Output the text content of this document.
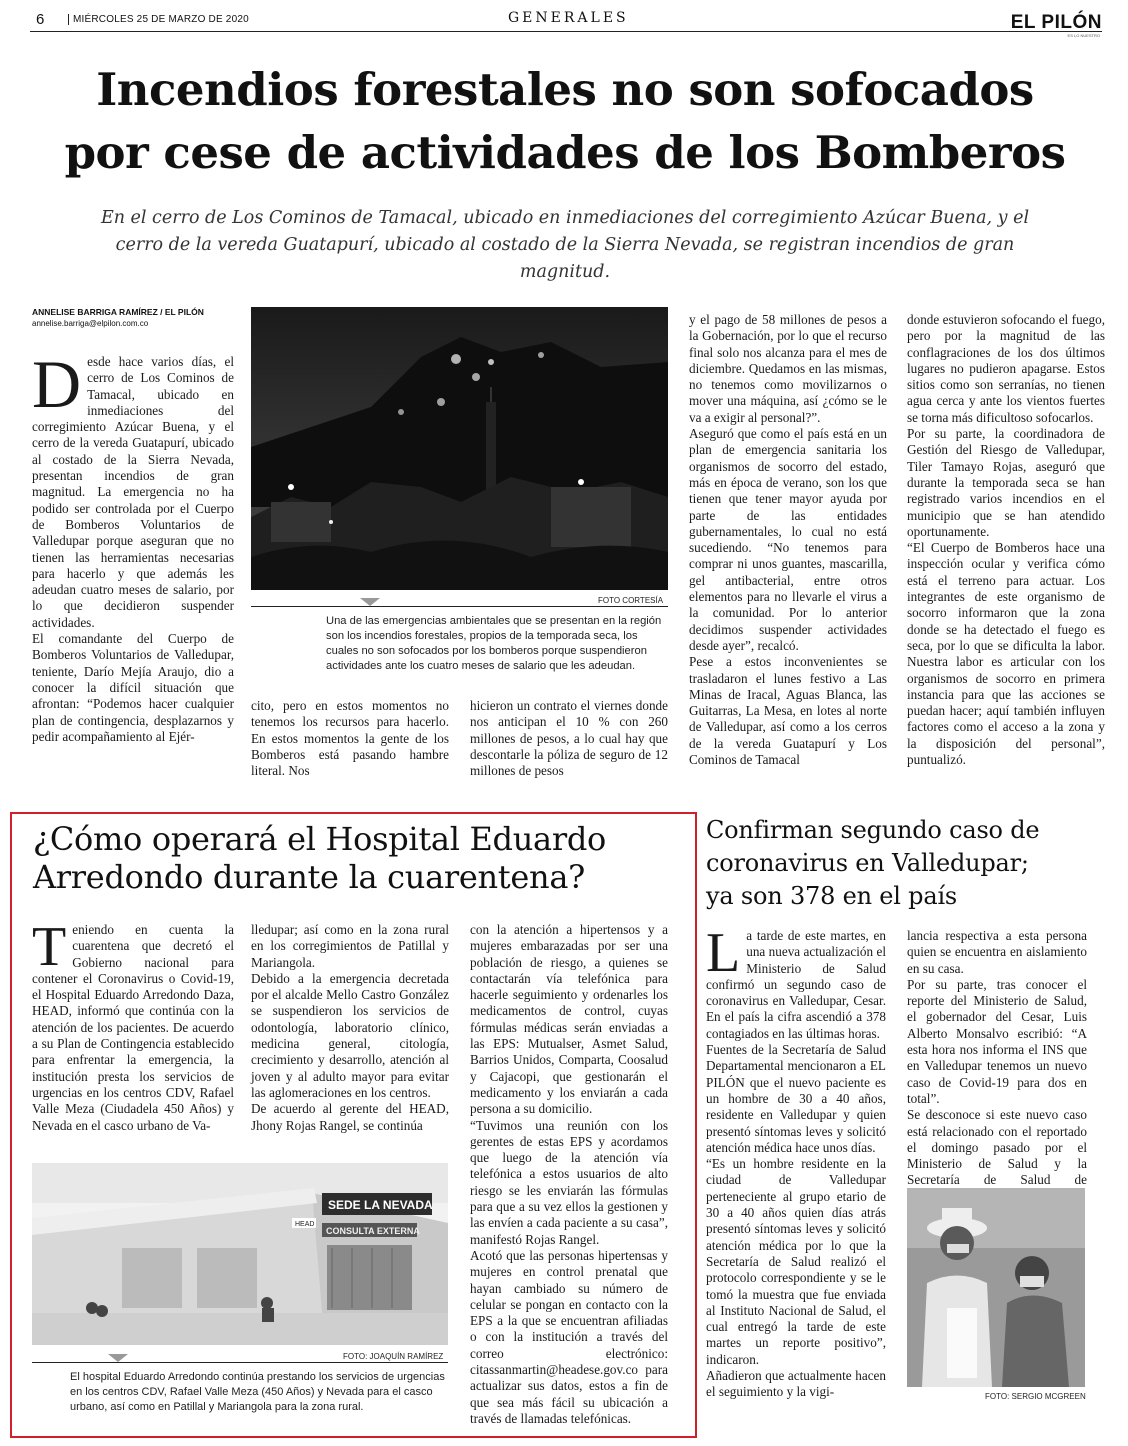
6	MIÉRCOLES 25 DE MARZO DE 2020	GENERALES	EL PILÓN
ES LO NUESTRO
Incendios forestales no son sofocados
por cese de actividades de los Bomberos
En el cerro de Los Cominos de Tamacal, ubicado en inmediaciones del corregimiento Azúcar Buena, y el cerro de la vereda Guatapurí, ubicado al costado de la Sierra Nevada, se registran incendios de gran magnitud.
ANNELISE BARRIGA RAMÍREZ / EL PILÓN
annelise.barriga@elpilon.com.co
D esde hace varios días, el cerro de Los Cominos de Tamacal, ubicado en inmediaciones del corregimiento Azúcar Buena, y el cerro de la vereda Guatapurí, ubicado al costado de la Sierra Nevada, presentan incendios de gran magnitud. La emergencia no ha podido ser controlada por el Cuerpo de Bomberos Voluntarios de Valledupar porque aseguran que no tienen las herramientas necesarias para hacerlo y que además les adeudan cuatro meses de salario, por lo que decidieron suspender actividades.

El comandante del Cuerpo de Bomberos Voluntarios de Valledupar, teniente, Darío Mejía Araujo, dio a conocer la difícil situación que afrontan: “Podemos hacer cualquier plan de contingencia, desplazarnos y pedir acompañamiento al Ejér-

FOTO CORTESÍA
Una de las emergencias ambientales que se presentan en la región son los incendios forestales, propios de la temporada seca, los cuales no son sofocados por los bomberos porque suspendieron actividades ante los cuatro meses de salario que les adeudan.

cito, pero en estos momentos no tenemos los recursos para hacerlo. En estos momentos la gente de los Bomberos está pasando hambre literal. Nos

hicieron un contrato el viernes donde nos anticipan el 10 % con 260 millones de pesos, a lo cual hay que descontarle la póliza de seguro de 12 millones de pesos

y el pago de 58 millones de pesos a la Gobernación, por lo que el recurso final solo nos alcanza para el mes de diciembre. Quedamos en las mismas, no tenemos como movilizarnos o mover una máquina, así ¿cómo se le va a exigir al personal?”.

Aseguró que como el país está en un plan de emergencia sanitaria los organismos de socorro del estado, más en época de verano, son los que tienen que tener mayor ayuda por parte de las entidades gubernamentales, lo cual no está sucediendo. “No tenemos para comprar ni unos guantes, mascarilla, gel antibacterial, entre otros elementos para no llevarle el virus a la comunidad. Por lo anterior decidimos suspender actividades desde ayer”, recalcó.

Pese a estos inconvenientes se trasladaron el lunes festivo a Las Minas de Iracal, Aguas Blanca, las Guitarras, La Mesa, en lotes al norte de Valledupar, así como a los cerros de la vereda Guatapurí y Los Cominos de Tamacal

donde estuvieron sofocando el fuego, pero por la magnitud de las conflagraciones de los dos últimos lugares no pudieron apagarse. Estos sitios como son serranías, no tienen agua cerca y ante los vientos fuertes se torna más dificultoso sofocarlos.

Por su parte, la coordinadora de Gestión del Riesgo de Valledupar, Tiler Tamayo Rojas, aseguró que durante la temporada seca se han registrado varios incendios en el municipio que se han atendido oportunamente.

“El Cuerpo de Bomberos hace una inspección ocular y verifica cómo está el terreno para actuar. Los integrantes de este organismo de socorro informaron que la zona donde se ha detectado el fuego es seca, por lo que se dificulta la labor. Nuestra labor es articular con los organismos de socorro en primera instancia para que las acciones se puedan hacer; aquí también influyen factores como el acceso a la zona y la disposición del personal”, puntualizó.

¿Cómo operará el Hospital Eduardo
Arredondo durante la cuarentena?
T eniendo en cuenta la cuarentena que decretó el Gobierno nacional para contener el Coronavirus o Covid-19, el Hospital Eduardo Arredondo Daza, HEAD, informó que continúa con la atención de los pacientes. De acuerdo a su Plan de Contingencia establecido para enfrentar la emergencia, la institución presta los servicios de urgencias en los centros CDV, Rafael Valle Meza (Ciudadela 450 Años) y Nevada en el casco urbano de Va-

lledupar; así como en la zona rural en los corregimientos de Patillal y Mariangola.

Debido a la emergencia decretada por el alcalde Mello Castro González se suspendieron los servicios de odontología, laboratorio clínico, medicina general, citología, crecimiento y desarrollo, atención al joven y al adulto mayor para evitar las aglomeraciones en los centros.

De acuerdo al gerente del HEAD, Jhony Rojas Rangel, se continúa

con la atención a hipertensos y a mujeres embarazadas por ser una población de riesgo, a quienes se contactarán vía telefónica para hacerle seguimiento y ordenarles los medicamentos de control, cuyas fórmulas médicas serán enviadas a las EPS: Mutualser, Asmet Salud, Barrios Unidos, Comparta, Coosalud y Cajacopi, que gestionarán el medicamento y los enviarán a cada persona a su domicilio.

“Tuvimos una reunión con los gerentes de estas EPS y acordamos que luego de la atención vía telefónica a estos usuarios de alto riesgo se les enviarán las fórmulas para que a su vez ellos la gestionen y las envíen a cada paciente a su casa”, manifestó Rojas Rangel.

Acotó que las personas hipertensas y mujeres en control prenatal que hayan cambiado su número de celular se pongan en contacto con la EPS a la que se encuentran afiliadas o con la institución a través del correo electrónico: citassanmartin@headese.gov.co para actualizar sus datos, estos a fin de que sea más fácil su ubicación a través de llamadas telefónicas.

SEDE LA NEVADA
CONSULTA EXTERNA
HEAD
FOTO: JOAQUÍN RAMÍREZ
El hospital Eduardo Arredondo continúa prestando los servicios de urgencias en los centros CDV, Rafael Valle Meza (450 Años) y Nevada para el casco urbano, así como en Patillal y Mariangola para la zona rural.
Confirman segundo caso de
coronavirus en Valledupar;
ya son 378 en el país
L a tarde de este martes, en una nueva actualización el Ministerio de Salud confirmó un segundo caso de coronavirus en Valledupar, Cesar. En el país la cifra ascendió a 378 contagiados en las últimas horas.

Fuentes de la Secretaría de Salud Departamental mencionaron a EL PILÓN que el nuevo paciente es un hombre de 30 a 40 años, residente en Valledupar y quien presentó síntomas leves y solicitó atención médica hace unos días.

“Es un hombre residente en la ciudad de Valledupar perteneciente al grupo etario de 30 a 40 años quien días atrás presentó síntomas leves y solicitó atención médica por lo que la Secretaría de Salud realizó el protocolo correspondiente y se le tomó la muestra que fue enviada al Instituto Nacional de Salud, el cual entregó la tarde de este martes un reporte positivo”, indicaron.

Añadieron que actualmente hacen el seguimiento y la vigi-

lancia respectiva a esta persona quien se encuentra en aislamiento en su casa.

Por su parte, tras conocer el reporte del Ministerio de Salud, el gobernador del Cesar, Luis Alberto Monsalvo escribió: “A esta hora nos informa el INS que en Valledupar tenemos un nuevo caso de Covid-19 para dos en total”.

Se desconoce si este nuevo caso está relacionado con el reportado el domingo pasado por el Ministerio de Salud y la Secretaría de Salud de

FOTO: SERGIO MCGREEN
